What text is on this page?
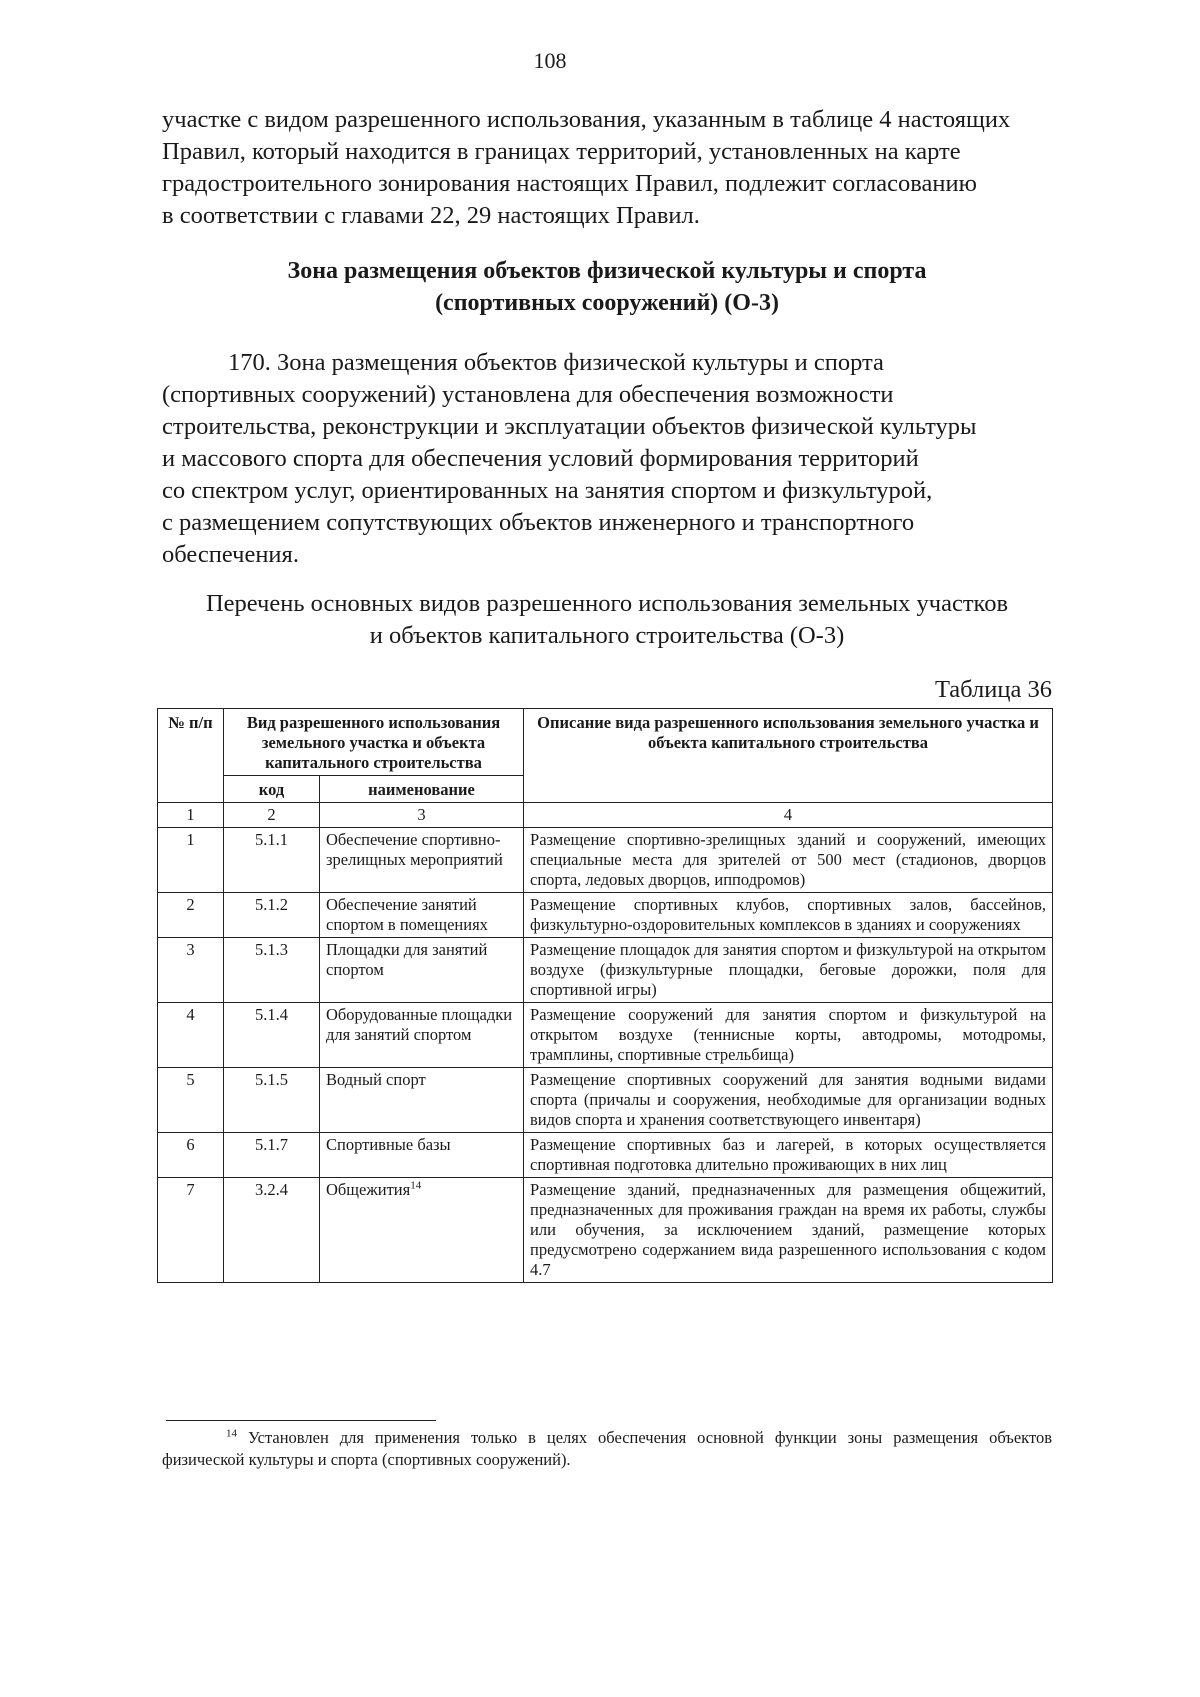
108
участке с видом разрешенного использования, указанным в таблице 4 настоящих
Правил, который находится в границах территорий, установленных на карте
градостроительного зонирования настоящих Правил, подлежит согласованию
в соответствии с главами 22, 29 настоящих Правил.
Зона размещения объектов физической культуры и спорта
(спортивных сооружений) (О-3)
170. Зона размещения объектов физической культуры и спорта
(спортивных сооружений) установлена для обеспечения возможности
строительства, реконструкции и эксплуатации объектов физической культуры
и массового спорта для обеспечения условий формирования территорий
со спектром услуг, ориентированных на занятия спортом и физкультурой,
с размещением сопутствующих объектов инженерного и транспортного
обеспечения.
Перечень основных видов разрешенного использования земельных участков
и объектов капитального строительства (О-3)
Таблица 36
№ п/п	Вид разрешенного использования земельного участка и объекта капитального строительства		Описание вида разрешенного использования земельного участка и объекта капитального строительства
	код	наименование	
1	2	3	4
1	5.1.1	Обеспечение спортивно-зрелищных мероприятий	Размещение спортивно-зрелищных зданий и сооружений, имеющих специальные места для зрителей от 500 мест (стадионов, дворцов спорта, ледовых дворцов, ипподромов)
2	5.1.2	Обеспечение занятий спортом в помещениях	Размещение спортивных клубов, спортивных залов, бассейнов, физкультурно-оздоровительных комплексов в зданиях и сооружениях
3	5.1.3	Площадки для занятий спортом	Размещение площадок для занятия спортом и физкультурой на открытом воздухе (физкультурные площадки, беговые дорожки, поля для спортивной игры)
4	5.1.4	Оборудованные площадки для занятий спортом	Размещение сооружений для занятия спортом и физкультурой на открытом воздухе (теннисные корты, автодромы, мотодромы, трамплины, спортивные стрельбища)
5	5.1.5	Водный спорт	Размещение спортивных сооружений для занятия водными видами спорта (причалы и сооружения, необходимые для организации водных видов спорта и хранения соответствующего инвентаря)
6	5.1.7	Спортивные базы	Размещение спортивных баз и лагерей, в которых осуществляется спортивная подготовка длительно проживающих в них лиц
7	3.2.4	Общежития$^{14}$	Размещение зданий, предназначенных для размещения общежитий, предназначенных для проживания граждан на время их работы, службы или обучения, за исключением зданий, размещение которых предусмотрено содержанием вида разрешенного использования с кодом 4.7
$^{14}$ Установлен для применения только в целях обеспечения основной функции зоны размещения объектов физической культуры и спорта (спортивных сооружений).
